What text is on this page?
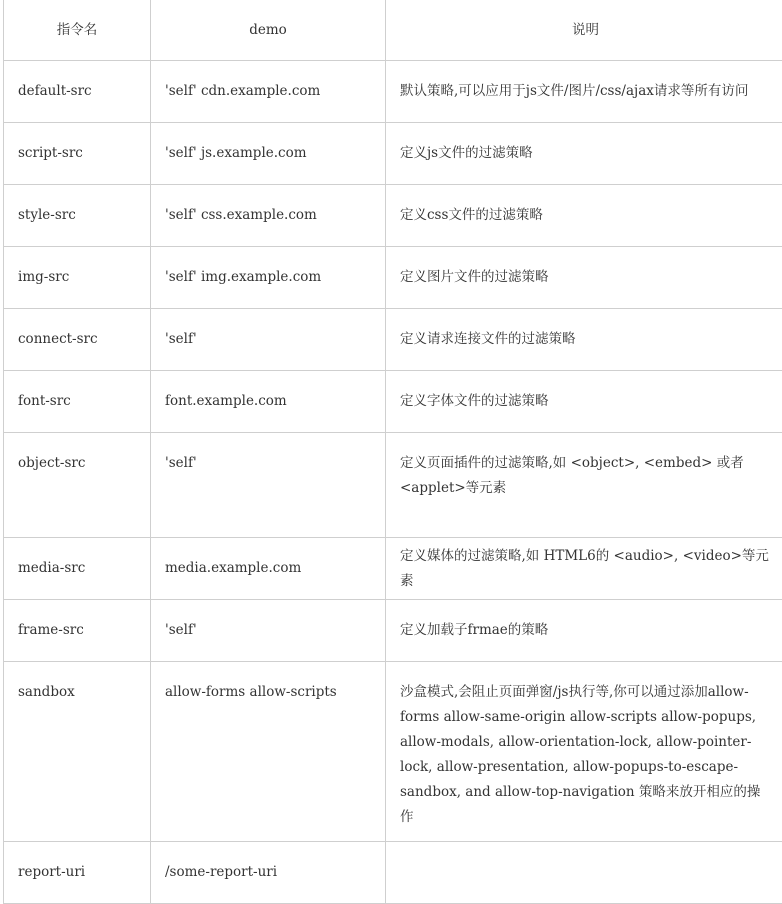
指令名	demo	说明
default-src	'self' cdn.example.com	默认策略,可以应用于js文件/图片/css/ajax请求等所有访问
script-src	'self' js.example.com	定义js文件的过滤策略
style-src	'self' css.example.com	定义css文件的过滤策略
img-src	'self' img.example.com	定义图片文件的过滤策略
connect-src	'self'	定义请求连接文件的过滤策略
font-src	font.example.com	定义字体文件的过滤策略
object-src	'self'	定义页面插件的过滤策略,如 <object>, <embed> 或者<applet>等元素
media-src	media.example.com	定义媒体的过滤策略,如 HTML6的 <audio>, <video>等元素
frame-src	'self'	定义加载子frmae的策略
sandbox	allow-forms allow-scripts	沙盒模式,会阻止页面弹窗/js执行等,你可以通过添加allow-forms allow-same-origin allow-scripts allow-popups, allow-modals, allow-orientation-lock, allow-pointer-lock, allow-presentation, allow-popups-to-escape-sandbox, and allow-top-navigation 策略来放开相应的操作
report-uri	/some-report-uri	
